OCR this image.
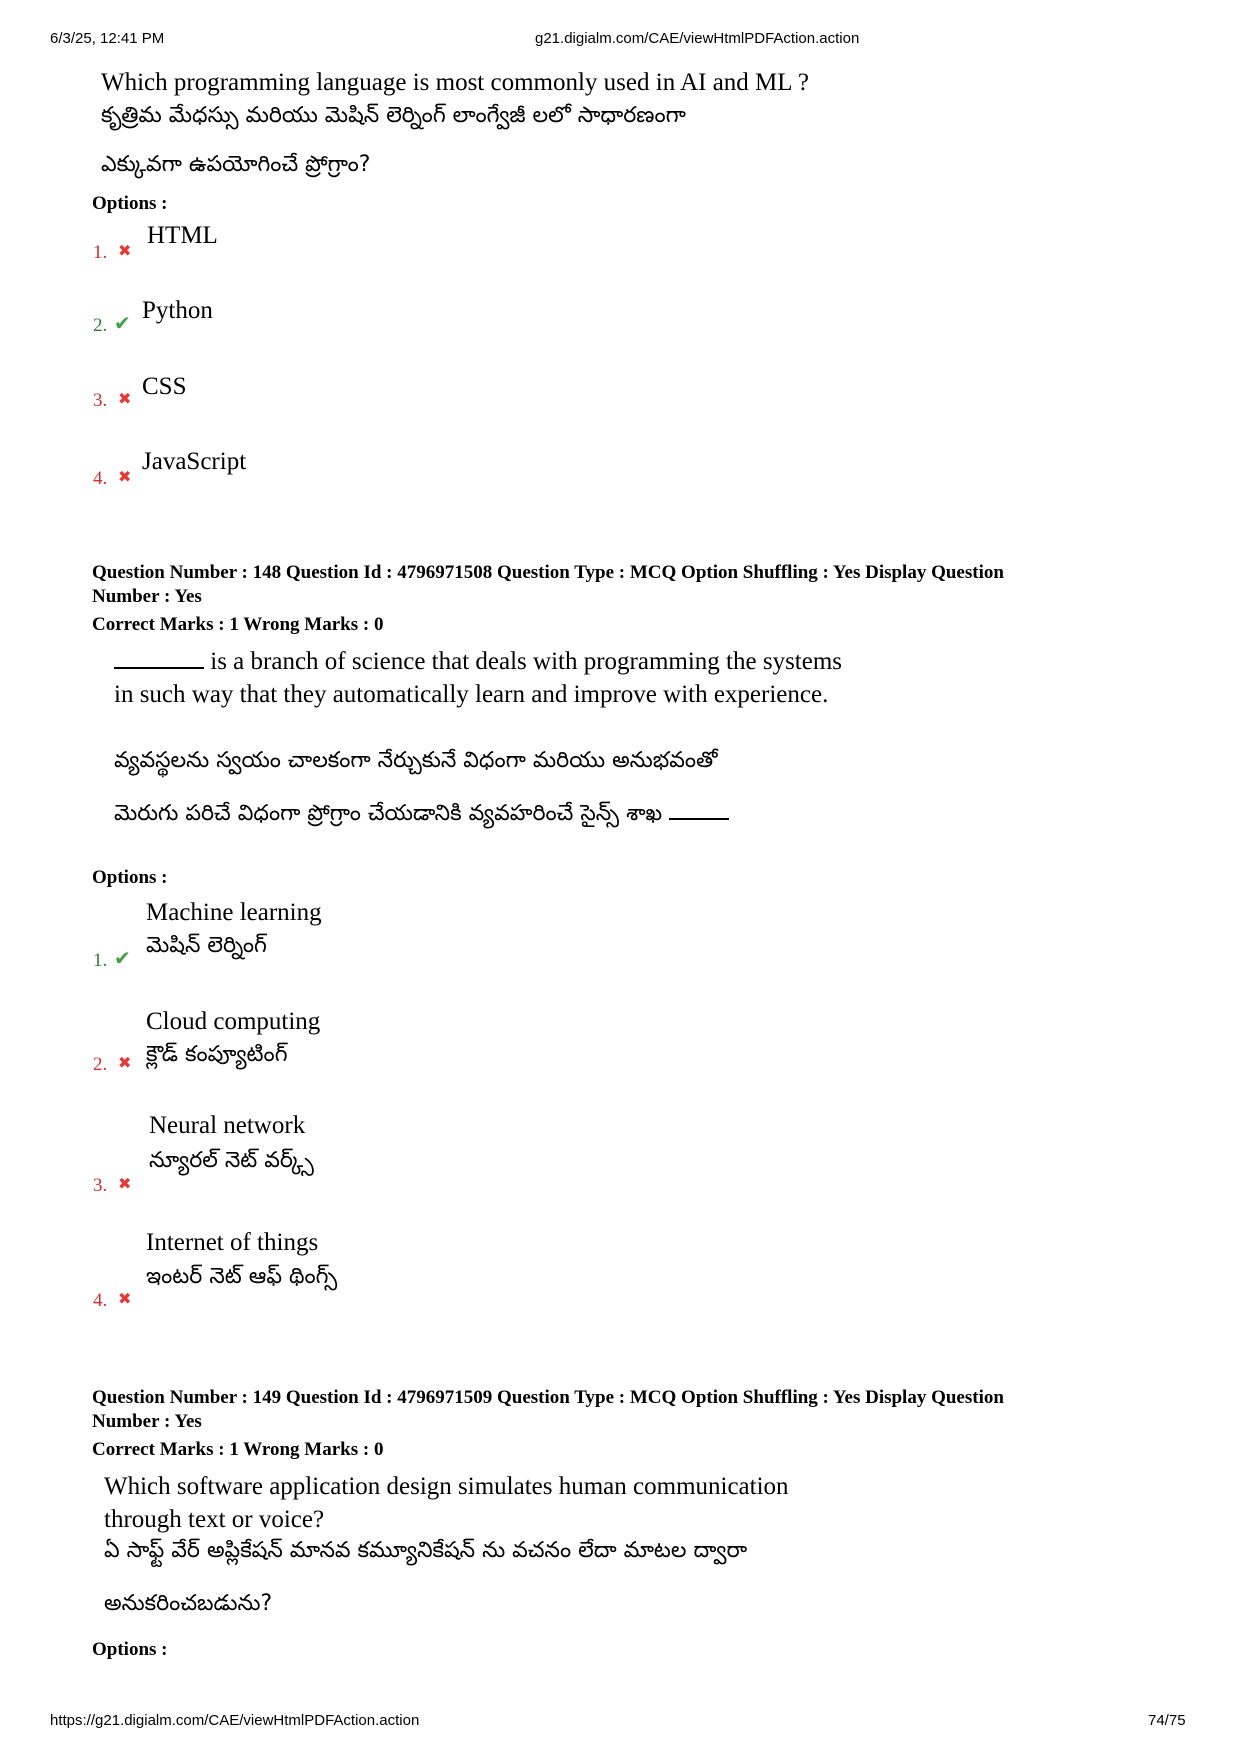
6/3/25, 12:41 PM	g21.digialm.com/CAE/viewHtmlPDFAction.action
Which programming language is most commonly used in AI and ML ?
కృత్రిమ మేధస్సు మరియు మెషిన్ లెర్నింగ్ లాంగ్వేజీ లలో సాధారణంగా
ఎక్కువగా ఉపయోగించే ప్రోగ్రాం?
Options :
1. ✖
HTML
2. ✔ Python
3. ✖ CSS
4. ✖
JavaScript
Question Number : 148 Question Id : 4796971508 Question Type : MCQ Option Shuffling : Yes Display Question
Number : Yes
Correct Marks : 1 Wrong Marks : 0
is a branch of science that deals with programming the systems
in such way that they automatically learn and improve with experience.
వ్యవస్థలను స్వయం చాలకంగా నేర్చుకునే విధంగా మరియు అనుభవంతో
మెరుగు పరిచే విధంగా ప్రోగ్రాం చేయడానికి వ్యవహరించే సైన్స్ శాఖ
Options :
Machine learning
మెషిన్ లెర్నింగ్
1. ✔
Cloud computing
క్లౌడ్ కంప్యూటింగ్
2. ✖
Neural network
న్యూరల్ నెట్ వర్క్స్
3. ✖
Internet of things
ఇంటర్ నెట్ ఆఫ్ థింగ్స్
4. ✖
Question Number : 149 Question Id : 4796971509 Question Type : MCQ Option Shuffling : Yes Display Question
Number : Yes
Correct Marks : 1 Wrong Marks : 0
Which software application design simulates human communication
through text or voice?
ఏ సాఫ్ట్ వేర్ అప్లికేషన్ మానవ కమ్యూనికేషన్ ను వచనం లేదా మాటల ద్వారా
అనుకరించబడును?
Options :
https://g21.digialm.com/CAE/viewHtmlPDFAction.action	74/75
